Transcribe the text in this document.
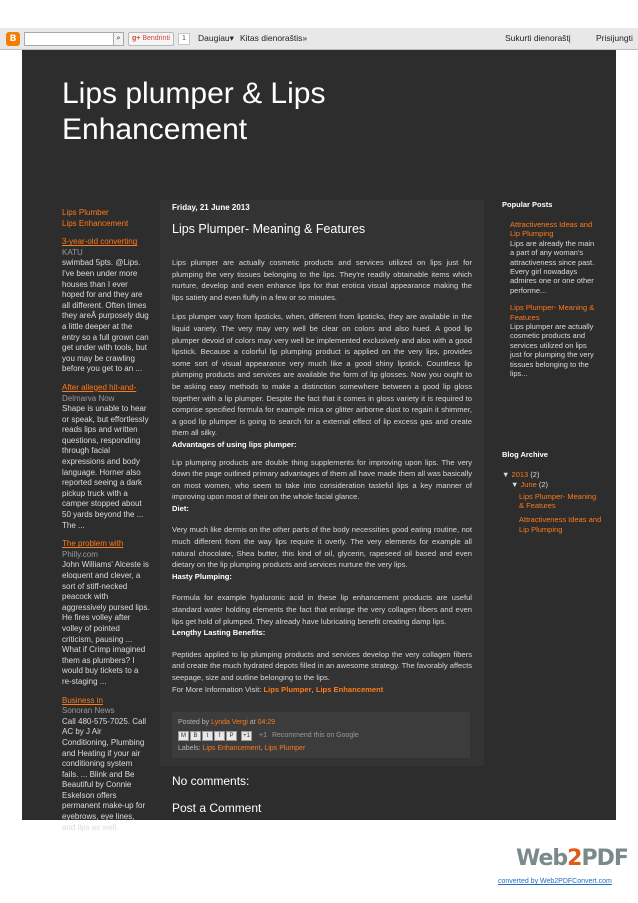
B	⌕	g+ Bendrinti	1	Daugiau▾ Kitas dienoraštis»	Sukurti dienoraštį	Prisijungti
Lips plumper & Lips Enhancement
Lips Plumber
Lips Enhancement
3-year-old converting
KATU
swimbad 5pts. @Lips. I've been under more houses than I ever hoped for and they are all different. Often times they areÂ purposely dug a little deeper at the entry so a full grown can get under with tools, but you may be crawling before you get to an ...
After alleged hit-and-
Delmarva Now
Shape is unable to hear or speak, but effortlessly reads lips and written questions, responding through facial expressions and body language. Horner also reported seeing a dark pickup truck with a camper stopped about 50 yards beyond the ... The ...
The problem with
Philly.com
John Williams' Alceste is eloquent and clever, a sort of stiff-necked peacock with aggressively pursed lips. He fires volley after volley of pointed criticism, pausing ... What if Crimp imagined them as plumbers? I would buy tickets to a re-staging ...
Business in
Sonoran News
Call 480-575-7025. Call AC by J Air Conditioning, Plumbing and Heating if your air conditioning system fails. ... Blink and Be Beautiful by Connie Eskelson offers permanent make-up for eyebrows, eye lines, and lips as well.
Friday, 21 June 2013
Lips Plumper- Meaning & Features

Lips plumper are actually cosmetic products and services utilized on lips just for plumping the very tissues belonging to the lips. They're readily obtainable items which nurture, develop and even enhance lips for that erotica visual appearance making the lips satiety and even fluffy in a few or so minutes.

Lips plumper vary from lipsticks, when, different from lipsticks, they are available in the liquid variety. The very may very well be clear on colors and also hued. A good lip plumper devoid of colors may very well be implemented exclusively and also with a good lipstick. Because a colorful lip plumping product is applied on the very lips, provides some sort of visual appearance very much like a good shiny lipstick. Countless lip plumping products and services are available the form of lip glosses. Now you ought to be asking easy methods to make a distinction somewhere between a good lip gloss together with a lip plumper. Despite the fact that it comes in gloss variety it is required to comprise specified formula for example mica or glitter airborne dust to regain it shimmer, a good lip plumper is going to search for a external effect of lip excess gas and create them all silky.
Advantages of using lips plumper:

Lip plumping products are double thing supplements for improving upon lips. The very down the page outlined primary advantages of them all have made them all was basically on most women, who seem to take into consideration tasteful lips a key manner of improving upon most of their on the whole facial glance.
Diet:

Very much like dermis on the other parts of the body necessities good eating routine, not much different from the way lips require it overly. The very elements for example all natural chocolate, Shea butter, this kind of oil, glycerin, rapeseed oil based and even dietary on the lip plumping products and services nurture the very lips.
Hasty Plumping:

Formula for example hyaluronic acid in these lip enhancement products are useful standard water holding elements the fact that enlarge the very collagen fibers and even lips get hold of plumped. They already have lubricating benefit creating damp lips.
Lengthy Lasting Benefits:

Peptides applied to lip plumping products and services develop the very collagen fibers and create the much hydrated depots filled in an awesome strategy. The favorably affects seepage, size and outline belonging to the lips.
For More Information Visit: Lips Plumper, Lips Enhancement

Posted by Lynda Vergi at 04:29
M	B	t	f	P	+1 +1 Recommend this on Google
Labels: Lips Enhancement, Lips Plumper
No comments:
Post a Comment
Popular Posts
Attractiveness Ideas and Lip Plumping
Lips are already the main a part of any woman's attractiveness since past. Every girl nowadays admires one or one other performe...
Lips Plumper- Meaning & Features
Lips plumper are actually cosmetic products and services utilized on lips just for plumping the very tissues belonging to the lips...
Blog Archive
▼ 2013 (2)
▼ June (2)
Lips Plumper- Meaning & Features
Attractiveness Ideas and Lip Plumping
Web2PDF
converted by Web2PDFConvert.com
